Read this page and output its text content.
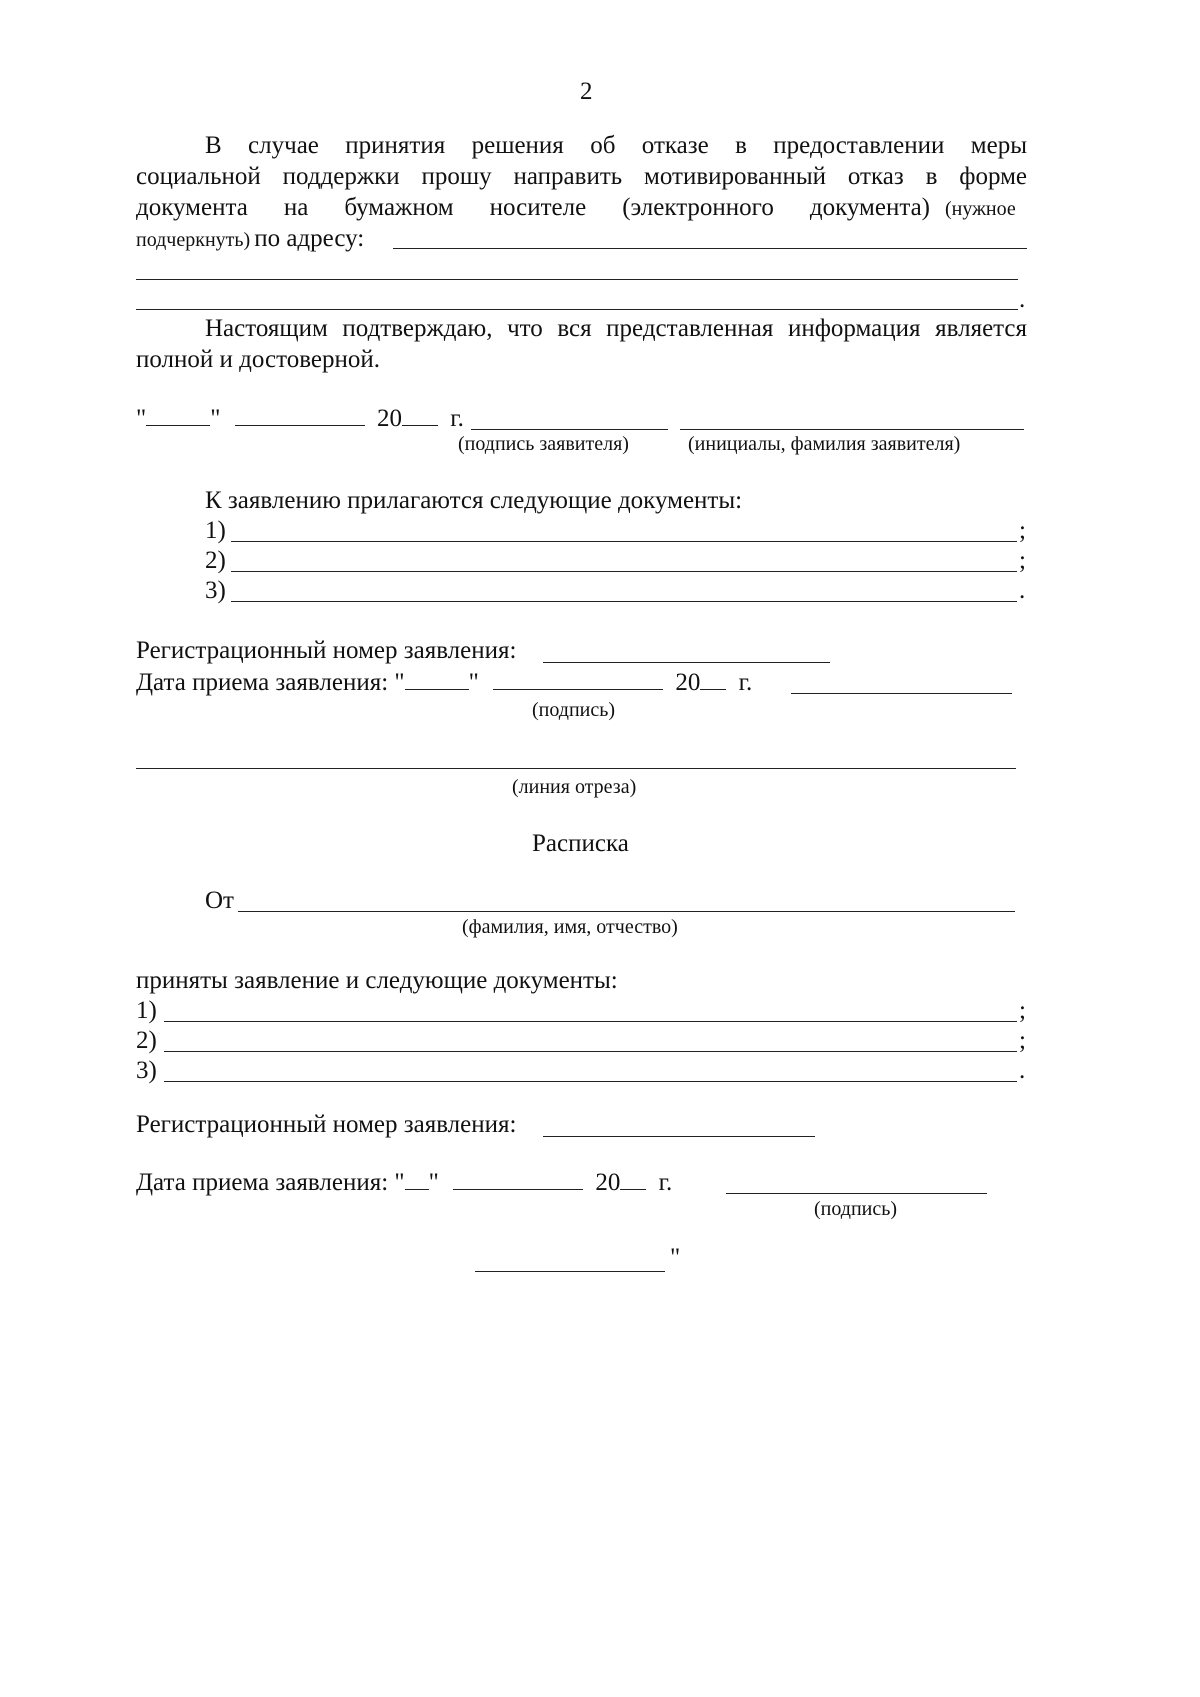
2
В случае принятия решения об отказе в предоставлении меры
социальной поддержки прошу направить мотивированный отказ в форме
документа на бумажном носителе (электронного документа) (нужное
подчеркнуть) по адресу:
.
Настоящим подтверждаю, что вся представленная информация является
полной и достоверной.
"	"	20 г.
(подпись заявителя)	(инициалы, фамилия заявителя)
К заявлению прилагаются следующие документы:
1)	;
2)	;
3)	.
Регистрационный номер заявления:
Дата приема заявления: "	"	20 г.
(подпись)
(линия отреза)
Расписка
От
(фамилия, имя, отчество)
приняты заявление и следующие документы:
1)	;
2)	;
3)	.
Регистрационный номер заявления:
Дата приема заявления: " "	20 г.
(подпись)
"
